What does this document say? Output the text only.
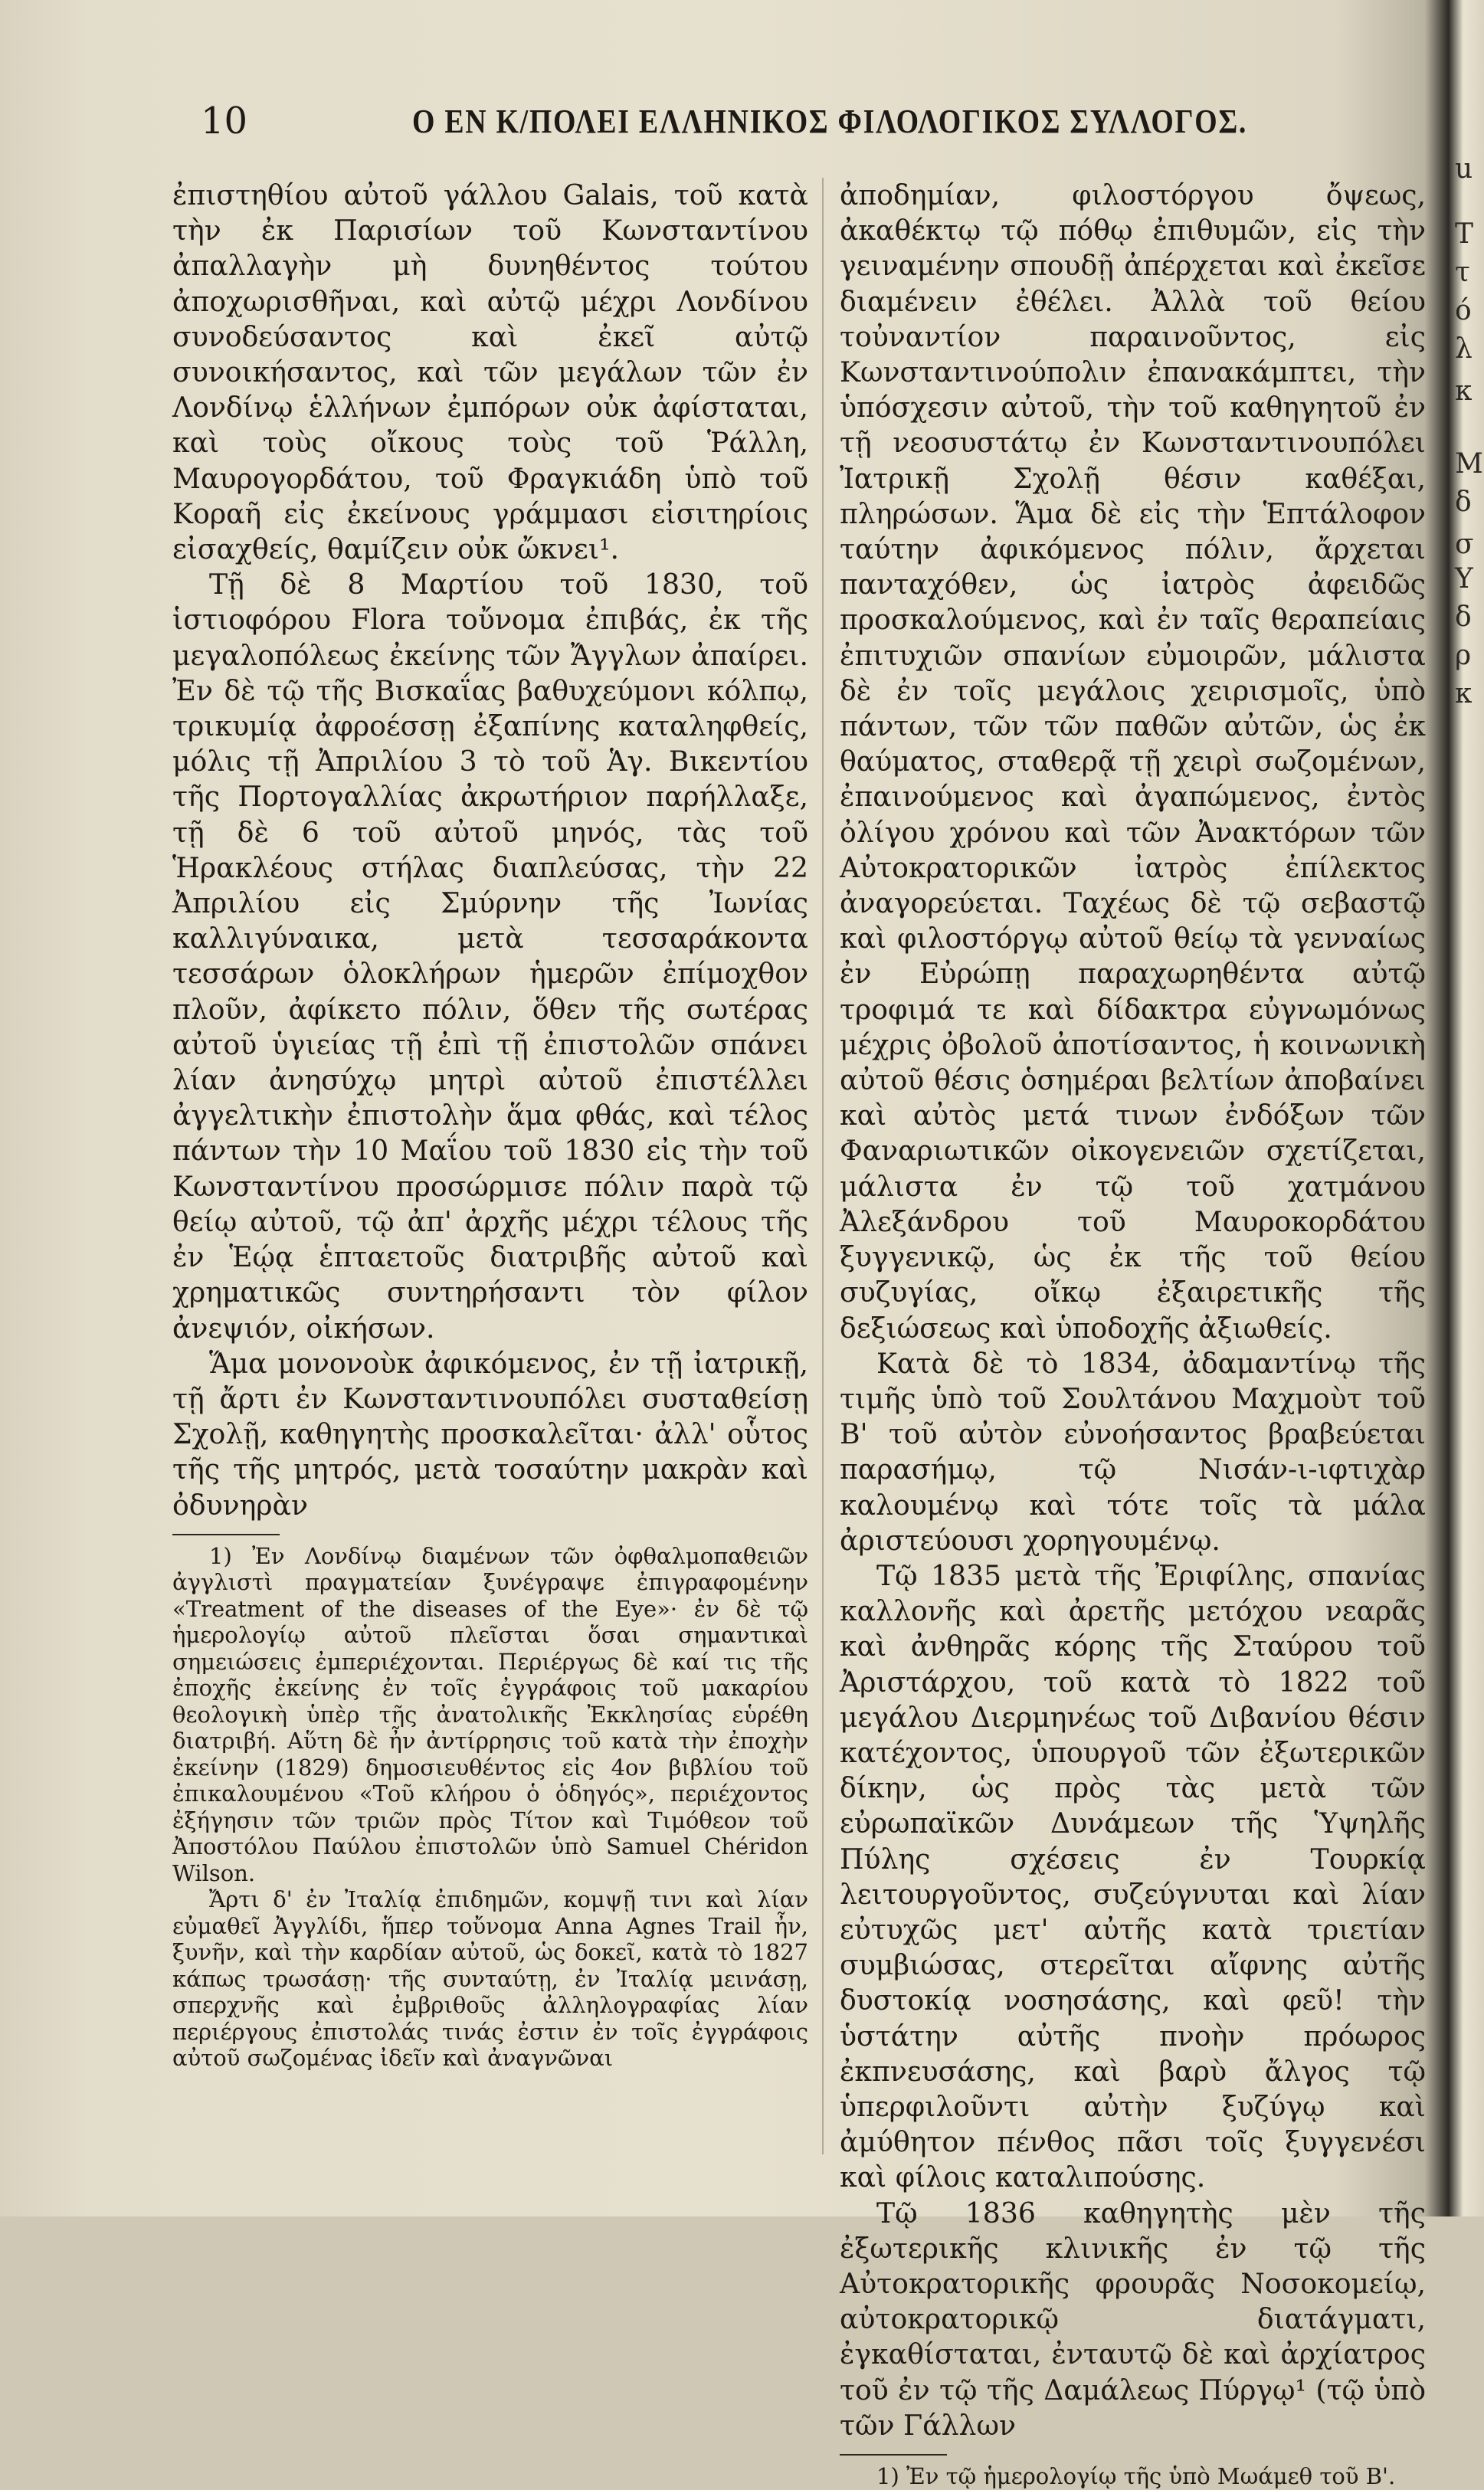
10	Ο ΕΝ Κ/ΠΟΛΕΙ ΕΛΛΗΝΙΚΟΣ ΦΙΛΟΛΟΓΙΚΟΣ ΣΥΛΛΟΓΟΣ.

ἐπιστηθίου αὐτοῦ γάλλου Galais, τοῦ κατὰ τὴν ἐκ Παρισίων τοῦ Κωνσταντίνου ἀπαλλαγὴν μὴ δυνηθέντος τούτου ἀποχωρισθῆναι, καὶ αὐτῷ μέχρι Λονδίνου συνοδεύσαντος καὶ ἐκεῖ αὐτῷ συνοικήσαντος, καὶ τῶν μεγάλων τῶν ἐν Λονδίνῳ ἑλλήνων ἐμπόρων οὐκ ἀφίσταται, καὶ τοὺς οἴκους τοὺς τοῦ Ῥάλλη, Μαυρογορδάτου, τοῦ Φραγκιάδη ὑπὸ τοῦ Κοραῆ εἰς ἐκείνους γράμμασι εἰσιτηρίοις εἰσαχθείς, θαμίζειν οὐκ ὤκνει¹.

Τῇ δὲ 8 Μαρτίου τοῦ 1830, τοῦ ἱστιοφόρου Flora τοὔνομα ἐπιβάς, ἐκ τῆς μεγαλοπόλεως ἐκείνης τῶν Ἄγγλων ἀπαίρει. Ἐν δὲ τῷ τῆς Βισκαΐας βαθυχεύμονι κόλπῳ, τρικυμίᾳ ἀφροέσσῃ ἐξαπίνης καταληφθείς, μόλις τῇ Ἀπριλίου 3 τὸ τοῦ Ἁγ. Βικεντίου τῆς Πορτογαλλίας ἀκρωτήριον παρήλλαξε, τῇ δὲ 6 τοῦ αὐτοῦ μηνός, τὰς τοῦ Ἡρακλέους στήλας διαπλεύσας, τὴν 22 Ἀπριλίου εἰς Σμύρνην τῆς Ἰωνίας καλλιγύναικα, μετὰ τεσσαράκοντα τεσσάρων ὁλοκλήρων ἡμερῶν ἐπίμοχθον πλοῦν, ἀφίκετο πόλιν, ὅθεν τῆς σωτέρας αὐτοῦ ὑγιείας τῇ ἐπὶ τῇ ἐπιστολῶν σπάνει λίαν ἀνησύχῳ μητρὶ αὐτοῦ ἐπιστέλλει ἀγγελτικὴν ἐπιστολὴν ἅμα φθάς, καὶ τέλος πάντων τὴν 10 Μαΐου τοῦ 1830 εἰς τὴν τοῦ Κωνσταντίνου προσώρμισε πόλιν παρὰ τῷ θείῳ αὐτοῦ, τῷ ἀπ' ἀρχῆς μέχρι τέλους τῆς ἐν Ἑῴᾳ ἑπταετοῦς διατριβῆς αὐτοῦ καὶ χρηματικῶς συντηρήσαντι τὸν φίλον ἀνεψιόν, οἰκήσων.

Ἅμα μονονοὺκ ἀφικόμενος, ἐν τῇ ἰατρικῇ, τῇ ἄρτι ἐν Κωνσταντινουπόλει συσταθείσῃ Σχολῇ, καθηγητὴς προσκαλεῖται· ἀλλ' οὗτος τῆς τῆς μητρός, μετὰ τοσαύτην μακρὰν καὶ ὀδυνηρὰν

1) Ἐν Λονδίνῳ διαμένων τῶν ὀφθαλμοπαθειῶν ἀγγλιστὶ πραγματείαν ξυνέγραψε ἐπιγραφομένην «Treatment of the diseases of the Eye»· ἐν δὲ τῷ ἡμερολογίῳ αὐτοῦ πλεῖσται ὅσαι σημαντικαὶ σημειώσεις ἐμπεριέχονται. Περιέργως δὲ καί τις τῆς ἐποχῆς ἐκείνης ἐν τοῖς ἐγγράφοις τοῦ μακαρίου θεολογικὴ ὑπὲρ τῆς ἀνατολικῆς Ἐκκλησίας εὑρέθη διατριβή. Αὕτη δὲ ἦν ἀντίρρησις τοῦ κατὰ τὴν ἐποχὴν ἐκείνην (1829) δημοσιευθέντος εἰς 4ον βιβλίου τοῦ ἐπικαλουμένου «Τοῦ κλήρου ὁ ὁδηγός», περιέχοντος ἐξήγησιν τῶν τριῶν πρὸς Τίτον καὶ Τιμόθεον τοῦ Ἀποστόλου Παύλου ἐπιστολῶν ὑπὸ Samuel Chéridon Wilson.

Ἄρτι δ' ἐν Ἰταλίᾳ ἐπιδημῶν, κομψῇ τινι καὶ λίαν εὐμαθεῖ Ἀγγλίδι, ἥπερ τοὔνομα Anna Agnes Trail ἦν, ξυνῆν, καὶ τὴν καρδίαν αὐτοῦ, ὡς δοκεῖ, κατὰ τὸ 1827 κάπως τρωσάσῃ· τῆς συνταύτῃ, ἐν Ἰταλίᾳ μεινάσῃ, σπερχνῆς καὶ ἐμβριθοῦς ἀλληλογραφίας λίαν περιέργους ἐπιστολάς τινάς ἐστιν ἐν τοῖς ἐγγράφοις αὐτοῦ σωζομένας ἰδεῖν καὶ ἀναγνῶναι

ἀποδημίαν, φιλοστόργου ὄψεως, ἀκαθέκτῳ τῷ πόθῳ ἐπιθυμῶν, εἰς τὴν γειναμένην σπουδῇ ἀπέρχεται καὶ ἐκεῖσε διαμένειν ἐθέλει. Ἀλλὰ τοῦ θείου τοὐναντίον παραινοῦντος, εἰς Κωνσταντινούπολιν ἐπανακάμπτει, τὴν ὑπόσχεσιν αὐτοῦ, τὴν τοῦ καθηγητοῦ ἐν τῇ νεοσυστάτῳ ἐν Κωνσταντινουπόλει Ἰατρικῇ Σχολῇ θέσιν καθέξαι, πληρώσων. Ἅμα δὲ εἰς τὴν Ἑπτάλοφον ταύτην ἀφικόμενος πόλιν, ἄρχεται πανταχόθεν, ὡς ἰατρὸς ἀφειδῶς προσκαλούμενος, καὶ ἐν ταῖς θεραπείαις ἐπιτυχιῶν σπανίων εὐμοιρῶν, μάλιστα δὲ ἐν τοῖς μεγάλοις χειρισμοῖς, ὑπὸ πάντων, τῶν τῶν παθῶν αὐτῶν, ὡς ἐκ θαύματος, σταθερᾷ τῇ χειρὶ σωζομένων, ἐπαινούμενος καὶ ἀγαπώμενος, ἐντὸς ὀλίγου χρόνου καὶ τῶν Ἀνακτόρων τῶν Αὐτοκρατορικῶν ἰατρὸς ἐπίλεκτος ἀναγορεύεται. Ταχέως δὲ τῷ σεβαστῷ καὶ φιλοστόργῳ αὐτοῦ θείῳ τὰ γενναίως ἐν Εὐρώπῃ παραχωρηθέντα αὐτῷ τροφιμά τε καὶ δίδακτρα εὐγνωμόνως μέχρις ὀβολοῦ ἀποτίσαντος, ἡ κοινωνικὴ αὐτοῦ θέσις ὁσημέραι βελτίων ἀποβαίνει καὶ αὐτὸς μετά τινων ἐνδόξων τῶν Φαναριωτικῶν οἰκογενειῶν σχετίζεται, μάλιστα ἐν τῷ τοῦ χατμάνου Ἀλεξάνδρου τοῦ Μαυροκορδάτου ξυγγενικῷ, ὡς ἐκ τῆς τοῦ θείου συζυγίας, οἴκῳ ἐξαιρετικῆς τῆς δεξιώσεως καὶ ὑποδοχῆς ἀξιωθείς.

Κατὰ δὲ τὸ 1834, ἀδαμαντίνῳ τῆς τιμῆς ὑπὸ τοῦ Σουλτάνου Μαχμοὺτ τοῦ Β' τοῦ αὐτὸν εὐνοήσαντος βραβεύεται παρασήμῳ, τῷ Νισάν-ι-ιφτιχὰρ καλουμένῳ καὶ τότε τοῖς τὰ μάλα ἀριστεύουσι χορηγουμένῳ.

Τῷ 1835 μετὰ τῆς Ἐριφίλης, σπανίας καλλονῆς καὶ ἀρετῆς μετόχου νεαρᾶς καὶ ἀνθηρᾶς κόρης τῆς Σταύρου τοῦ Ἀριστάρχου, τοῦ κατὰ τὸ 1822 τοῦ μεγάλου Διερμηνέως τοῦ Διβανίου θέσιν κατέχοντος, ὑπουργοῦ τῶν ἐξωτερικῶν δίκην, ὡς πρὸς τὰς μετὰ τῶν εὐρωπαϊκῶν Δυνάμεων τῆς Ὑψηλῆς Πύλης σχέσεις ἐν Τουρκίᾳ λειτουργοῦντος, συζεύγνυται καὶ λίαν εὐτυχῶς μετ' αὐτῆς κατὰ τριετίαν συμβιώσας, στερεῖται αἴφνης αὐτῆς δυστοκίᾳ νοσησάσης, καὶ φεῦ! τὴν ὑστάτην αὐτῆς πνοὴν πρόωρος ἐκπνευσάσης, καὶ βαρὺ ἄλγος τῷ ὑπερφιλοῦντι αὐτὴν ξυζύγῳ καὶ ἀμύθητον πένθος πᾶσι τοῖς ξυγγενέσι καὶ φίλοις καταλιπούσης.

Τῷ 1836 καθηγητὴς μὲν τῆς ἐξωτερικῆς κλινικῆς ἐν τῷ τῆς Αὐτοκρατορικῆς φρουρᾶς Νοσοκομείῳ, αὐτοκρατορικῷ διατάγματι, ἐγκαθίσταται, ἐνταυτῷ δὲ καὶ ἀρχίατρος τοῦ ἐν τῷ τῆς Δαμάλεως Πύργῳ¹ (τῷ ὑπὸ τῶν Γάλλων

1) Ἐν τῷ ἡμερολογίῳ τῆς ὑπὸ Μωάμεθ τοῦ Β'.

u
Τ
τ
ό
λ
κ
Μ
δ
σ
Υ
δ
ρ
κ
